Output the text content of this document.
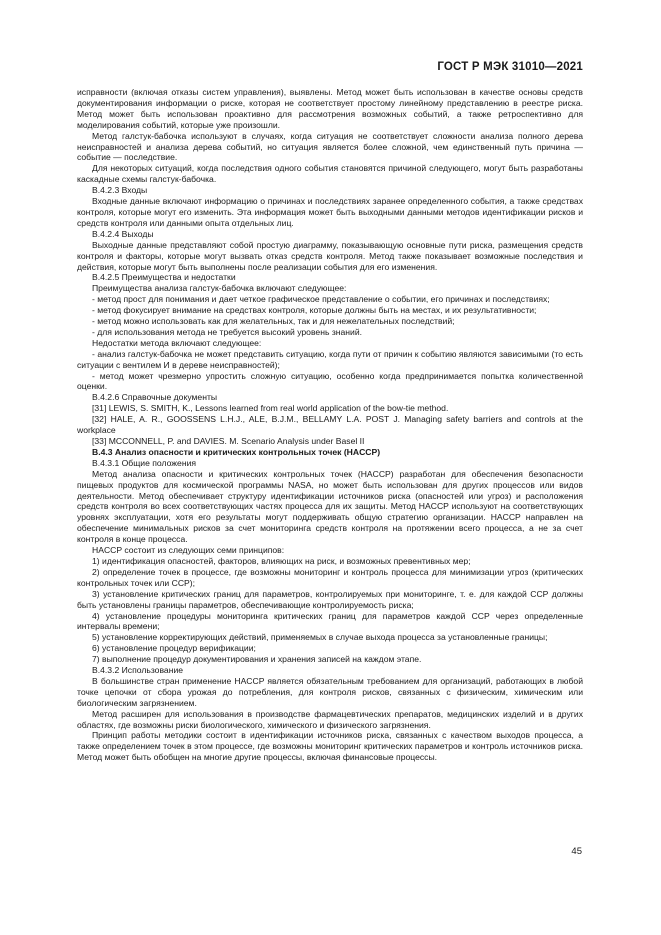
ГОСТ Р МЭК 31010—2021

исправности (включая отказы систем управления), выявлены. Метод может быть использован в качестве основы средств документирования информации о риске, которая не соответствует простому линейному представлению в реестре риска. Метод может быть использован проактивно для рассмотрения возможных событий, а также ретроспективно для моделирования событий, которые уже произошли.

Метод галстук-бабочка используют в случаях, когда ситуация не соответствует сложности анализа полного дерева неисправностей и анализа дерева событий, но ситуация является более сложной, чем единственный путь причина — событие — последствие.

Для некоторых ситуаций, когда последствия одного события становятся причиной следующего, могут быть разработаны каскадные схемы галстук-бабочка.

B.4.2.3 Входы

Входные данные включают информацию о причинах и последствиях заранее определенного события, а также средствах контроля, которые могут его изменить. Эта информация может быть выходными данными методов идентификации рисков и средств контроля или данными опыта отдельных лиц.

B.4.2.4 Выходы

Выходные данные представляют собой простую диаграмму, показывающую основные пути риска, размещения средств контроля и факторы, которые могут вызвать отказ средств контроля. Метод также показывает возможные последствия и действия, которые могут быть выполнены после реализации события для его изменения.

B.4.2.5 Преимущества и недостатки

Преимущества анализа галстук-бабочка включают следующее:

- метод прост для понимания и дает четкое графическое представление о событии, его причинах и последствиях;

- метод фокусирует внимание на средствах контроля, которые должны быть на местах, и их результативности;

- метод можно использовать как для желательных, так и для нежелательных последствий;

- для использования метода не требуется высокий уровень знаний.

Недостатки метода включают следующее:

- анализ галстук-бабочка не может представить ситуацию, когда пути от причин к событию являются зависимыми (то есть ситуации с вентилем И в дереве неисправностей);

- метод может чрезмерно упростить сложную ситуацию, особенно когда предпринимается попытка количественной оценки.

B.4.2.6 Справочные документы

[31] LEWIS, S. SMITH, K., Lessons learned from real world application of the bow-tie method.

[32] HALE, A. R., GOOSSENS L.H.J., ALE, B.J.M., BELLAMY L.A. POST J. Managing safety barriers and controls at the workplace

[33] MCCONNELL, P. and DAVIES. M. Scenario Analysis under Basel II

B.4.3 Анализ опасности и критических контрольных точек (HACCP)

B.4.3.1 Общие положения

Метод анализа опасности и критических контрольных точек (HACCP) разработан для обеспечения безопасности пищевых продуктов для космической программы NASA, но может быть использован для других процессов или видов деятельности. Метод обеспечивает структуру идентификации источников риска (опасностей или угроз) и расположения средств контроля во всех соответствующих частях процесса для их защиты. Метод HACCP используют на соответствующих уровнях эксплуатации, хотя его результаты могут поддерживать общую стратегию организации. HACCP направлен на обеспечение минимальных рисков за счет мониторинга средств контроля на протяжении всего процесса, а не за счет контроля в конце процесса.

HACCP состоит из следующих семи принципов:

1) идентификация опасностей, факторов, влияющих на риск, и возможных превентивных мер;

2) определение точек в процессе, где возможны мониторинг и контроль процесса для минимизации угроз (критических контрольных точек или CCP);

3) установление критических границ для параметров, контролируемых при мониторинге, т. е. для каждой CCP должны быть установлены границы параметров, обеспечивающие контролируемость риска;

4) установление процедуры мониторинга критических границ для параметров каждой CCP через определенные интервалы времени;

5) установление корректирующих действий, применяемых в случае выхода процесса за установленные границы;

6) установление процедур верификации;

7) выполнение процедур документирования и хранения записей на каждом этапе.

B.4.3.2 Использование

В большинстве стран применение HACCP является обязательным требованием для организаций, работающих в любой точке цепочки от сбора урожая до потребления, для контроля рисков, связанных с физическим, химическим или биологическим загрязнением.

Метод расширен для использования в производстве фармацевтических препаратов, медицинских изделий и в других областях, где возможны риски биологического, химического и физического загрязнения.

Принцип работы методики состоит в идентификации источников риска, связанных с качеством выходов процесса, а также определением точек в этом процессе, где возможны мониторинг критических параметров и контроль источников риска. Метод может быть обобщен на многие другие процессы, включая финансовые процессы.

45
